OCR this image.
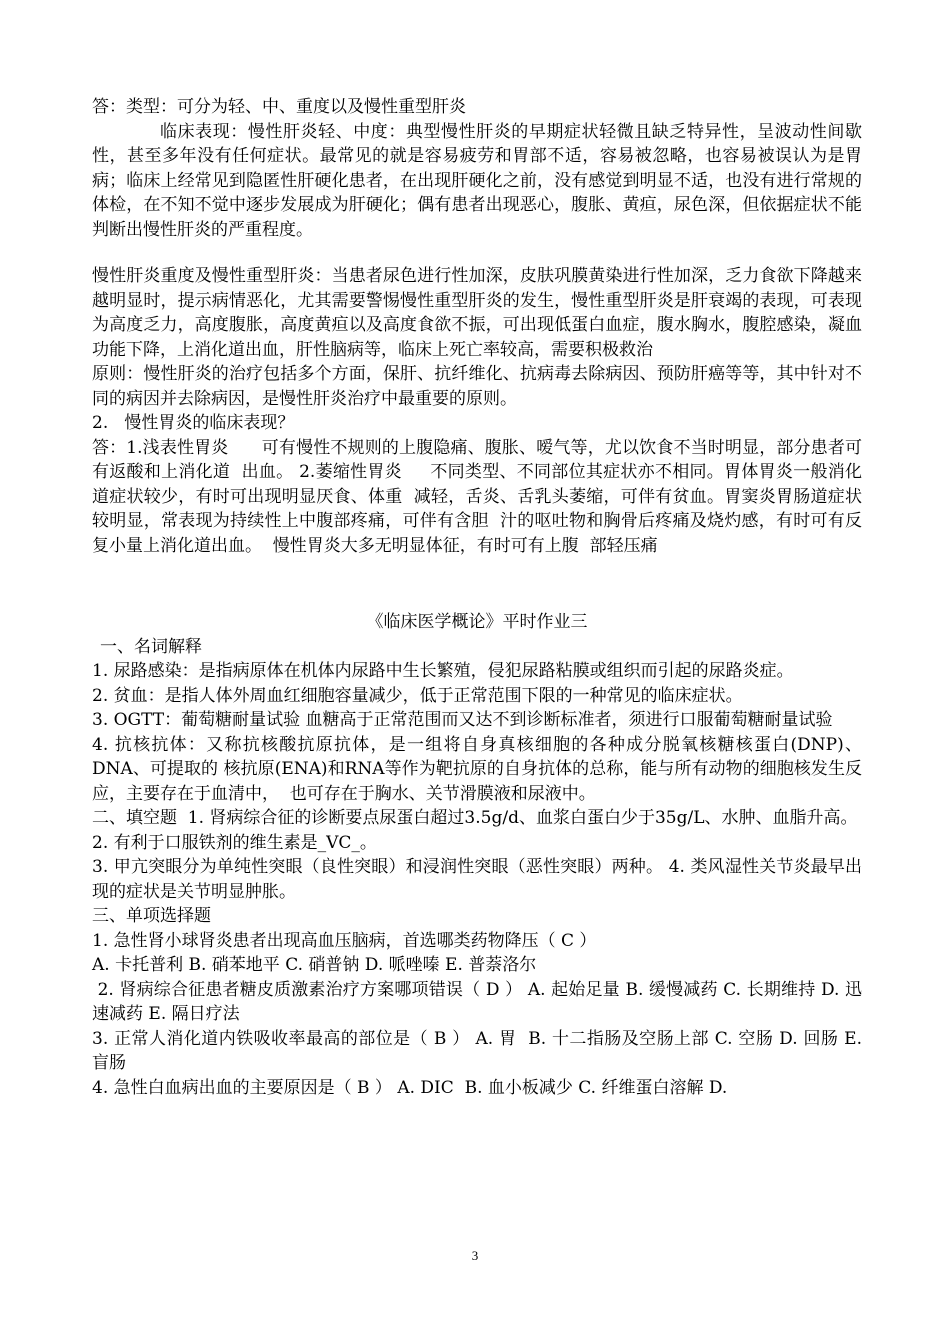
答：类型：可分为轻、中、重度以及慢性重型肝炎

临床表现：慢性肝炎轻、中度：典型慢性肝炎的早期症状轻微且缺乏特异性，呈波动性间歇性，甚至多年没有任何症状。最常见的就是容易疲劳和胃部不适，容易被忽略，也容易被误认为是胃病；临床上经常见到隐匿性肝硬化患者，在出现肝硬化之前，没有感觉到明显不适，也没有进行常规的体检，在不知不觉中逐步发展成为肝硬化；偶有患者出现恶心，腹胀、黄疸，尿色深，但依据症状不能判断出慢性肝炎的严重程度。

慢性肝炎重度及慢性重型肝炎：当患者尿色进行性加深，皮肤巩膜黄染进行性加深，乏力食欲下降越来越明显时，提示病情恶化，尤其需要警惕慢性重型肝炎的发生，慢性重型肝炎是肝衰竭的表现，可表现为高度乏力，高度腹胀，高度黄疸以及高度食欲不振，可出现低蛋白血症，腹水胸水，腹腔感染，凝血功能下降，上消化道出血，肝性脑病等，临床上死亡率较高，需要积极救治

原则：慢性肝炎的治疗包括多个方面，保肝、抗纤维化、抗病毒去除病因、预防肝癌等等，其中针对不同的病因并去除病因，是慢性肝炎治疗中最重要的原则。

2.   慢性胃炎的临床表现？

答：1.浅表性胃炎      可有慢性不规则的上腹隐痛、腹胀、嗳气等，尤以饮食不当时明显，部分患者可有返酸和上消化道  出血。 2.萎缩性胃炎     不同类型、不同部位其症状亦不相同。胃体胃炎一般消化道症状较少，有时可出现明显厌食、体重  减轻，舌炎、舌乳头萎缩，可伴有贫血。胃窦炎胃肠道症状较明显，常表现为持续性上中腹部疼痛，可伴有含胆  汁的呕吐物和胸骨后疼痛及烧灼感，有时可有反复小量上消化道出血。  慢性胃炎大多无明显体征，有时可有上腹  部轻压痛

《临床医学概论》平时作业三

一、名词解释

1. 尿路感染：是指病原体在机体内尿路中生长繁殖，侵犯尿路粘膜或组织而引起的尿路炎症。

2. 贫血：是指人体外周血红细胞容量减少，低于正常范围下限的一种常见的临床症状。

3. OGTT：葡萄糖耐量试验 血糖高于正常范围而又达不到诊断标准者，须进行口服葡萄糖耐量试验

4. 抗核抗体：又称抗核酸抗原抗体，是一组将自身真核细胞的各种成分脱氧核糖核蛋白(DNP)、DNA、可提取的 核抗原(ENA)和RNA等作为靶抗原的自身抗体的总称，能与所有动物的细胞核发生反应，主要存在于血清中，  也可存在于胸水、关节滑膜液和尿液中。

二、填空题  1. 肾病综合征的诊断要点尿蛋白超过3.5g/d、血浆白蛋白少于35g/L、水肿、血脂升高。

2. 有利于口服铁剂的维生素是_VC_。

3. 甲亢突眼分为单纯性突眼（良性突眼）和浸润性突眼（恶性突眼）两种。 4. 类风湿性关节炎最早出现的症状是关节明显肿胀。

三、单项选择题

1. 急性肾小球肾炎患者出现高血压脑病，首选哪类药物降压（ C ）

A. 卡托普利 B. 硝苯地平 C. 硝普钠 D. 哌唑嗪 E. 普萘洛尔

2. 肾病综合征患者糖皮质激素治疗方案哪项错误（ D ） A. 起始足量 B. 缓慢减药 C. 长期维持 D. 迅速减药 E. 隔日疗法

3. 正常人消化道内铁吸收率最高的部位是（ B ） A. 胃  B. 十二指肠及空肠上部 C. 空肠 D. 回肠 E. 盲肠

4. 急性白血病出血的主要原因是（ B ） A. DIC  B. 血小板减少 C. 纤维蛋白溶解 D.

3
